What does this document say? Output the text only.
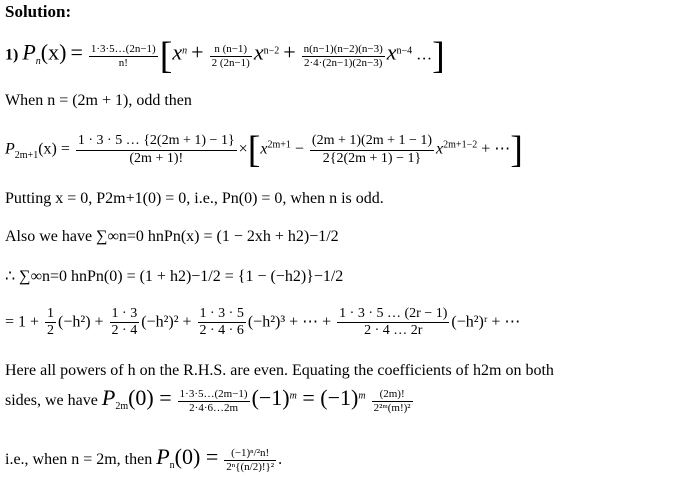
Solution:
1) $P_n(x) = \frac{1\cdot 3\cdot 5\dots(2n-1)}{n!} [x^n + \frac{n (n-1)}{2 (2n-1)} x^{n-2} + \frac{n(n-1)(n-2)(n-3)}{2\cdot 4\cdot(2n-1)(2n-3)} x^{n-4}$ …]
When n = (2m + 1), odd then
$P_{2m+1}(x) = \frac{1 \cdot 3 \cdot 5 \dots \{2(2m + 1) - 1\}}{(2m + 1)!} \times[x^{2m+1} - \frac{(2m + 1)(2m + 1 - 1)}{2\{2(2m + 1) - 1\}} x^{2m+1-2}$ + ⋯]
Putting x = 0, P2m+1(0) = 0, i.e., Pn(0) = 0, when n is odd.
Also we have ∑∞n=0 hnPn(x) = (1 − 2xh + h2)−1/2
∴ ∑∞n=0 hnPn(0) = (1 + h2)−1/2 = {1 − (−h2)}−1/2
= $1 + \frac{1}{2} (-h^2) + \frac{1 \cdot 3}{2 \cdot 4} (-h^2)^2 + \frac{1 \cdot 3 \cdot 5}{2 \cdot 4 \cdot 6} (-h^2)^3$ + ⋯ + $\frac{1 \cdot 3 \cdot 5 \dots (2r - 1)}{2 \cdot 4 \dots 2r}$ (−h²)ʳ + ⋯
Here all powers of h on the R.H.S. are even. Equating the coefficients of h2m on both
sides, we have $P_{2m}(0) = \frac{1\cdot 3\cdot 5\dots(2m-1)}{2\cdot 4\cdot 6\dots 2m} (-1)^m = (-1)^m \frac{(2m)!}{\text{2²ᵐ(m!)²}}$
i.e., when n = 2m, then $P_n(0) = \frac{\text{(−1)ⁿ/²n!}}{\text{2ⁿ\{(n/2)!\}²}}$ .
